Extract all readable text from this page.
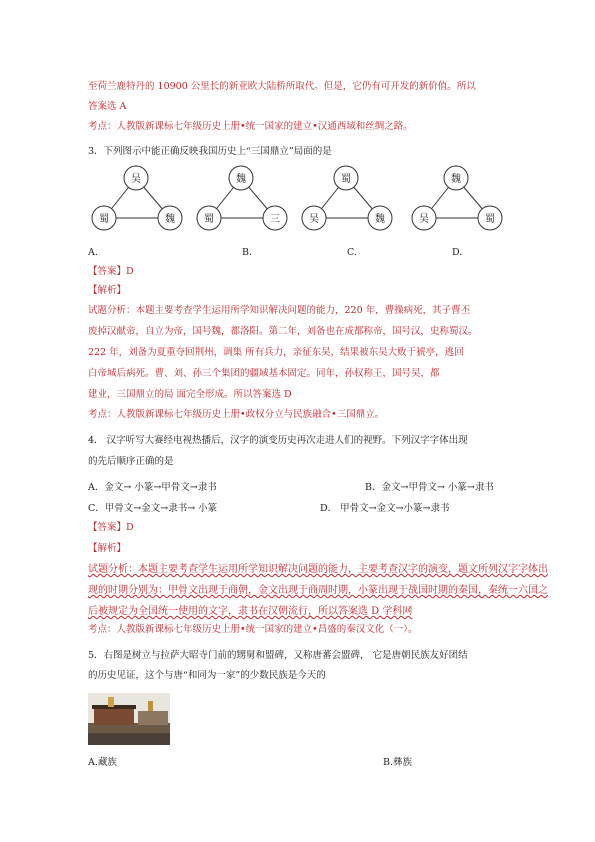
至荷兰鹿特丹的 10900 公里长的新亚欧大陆桥所取代。但是，它仍有可开发的新价值。所以
答案选 A
考点：人教版新课标七年级历史上册•统一国家的建立•汉通西域和丝绸之路。
3．下列图示中能正确反映我国历史上“三国鼎立”局面的是
吴
蜀	魏
魏
蜀	三
蜀
吴	魏
魏
吴	蜀
A.	B.	C.	D.
【答案】D
【解析】
试题分析：本题主要考查学生运用所学知识解决问题的能力，220 年，曹操病死，其子曹丕
废掉汉献帝，自立为帝，国号魏，都洛阳。第二年，刘备也在成都称帝，国号汉，史称蜀汉。
222 年，刘备为夏重夺回荆州，调集 所有兵力，亲征东吴，结果被东吴大败于猇亭，逃回
白帝城后病死。曹、刘、孙三个集团的疆域基本固定。同年，孙权称王，国号吴，都
建业，三国鼎立的局 面完全形成。所以答案选 D
考点：人教版新课标七年级历史上册•政权分立与民族融合•三国鼎立。
4． 汉字听写大赛经电视热播后，汉字的演变历史再次走进人们的视野。下列汉字字体出现
的先后顺序正确的是
A．金文→ 小篆→甲骨文→隶书	B．金文→甲骨文→ 小篆→隶书
C．甲骨文→金文→隶书→ 小篆	D． 甲骨文→金文→小篆→隶书
【答案】D
【解析】
试题分析：本题主要考查学生运用所学知识解决问题的能力，主要考查汉字的演变，题文所列汉字字体出
现的时期分别为：甲骨文出现于商朝，金文出现于商周时期，小篆出现于战国时期的秦国，秦统一六国之
后被规定为全国统一使用的文字，隶书在汉朝流行，所以答案选 D 学科网
考点：人教版新课标七年级历史上册•统一国家的建立•昌盛的秦汉文化（一）。
5．右图是树立与拉萨大昭寺门前的甥舅和盟碑，又称唐蕃会盟碑， 它是唐朝民族友好团结
的历史见证，这个与唐“和同为一家”的少数民族是今天的
A.藏族	B.彝族
